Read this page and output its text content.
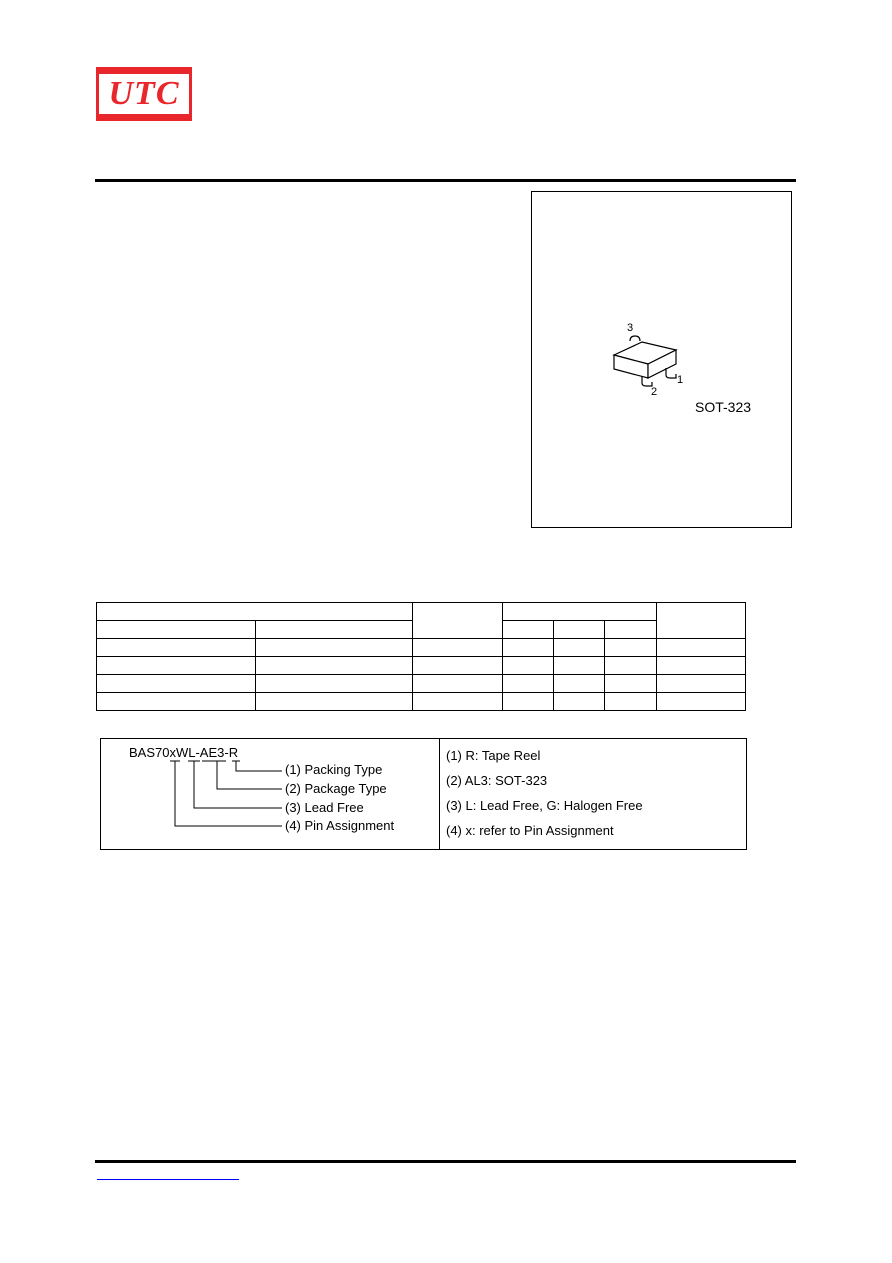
UTC
3
2
1
SOT-323

BAS70xWL-AE3-R
(1) Packing Type
(2) Package Type
(3) Lead Free
(4) Pin Assignment
(1) R: Tape Reel
(2) AL3: SOT-323
(3) L: Lead Free, G: Halogen Free
(4) x: refer to Pin Assignment
